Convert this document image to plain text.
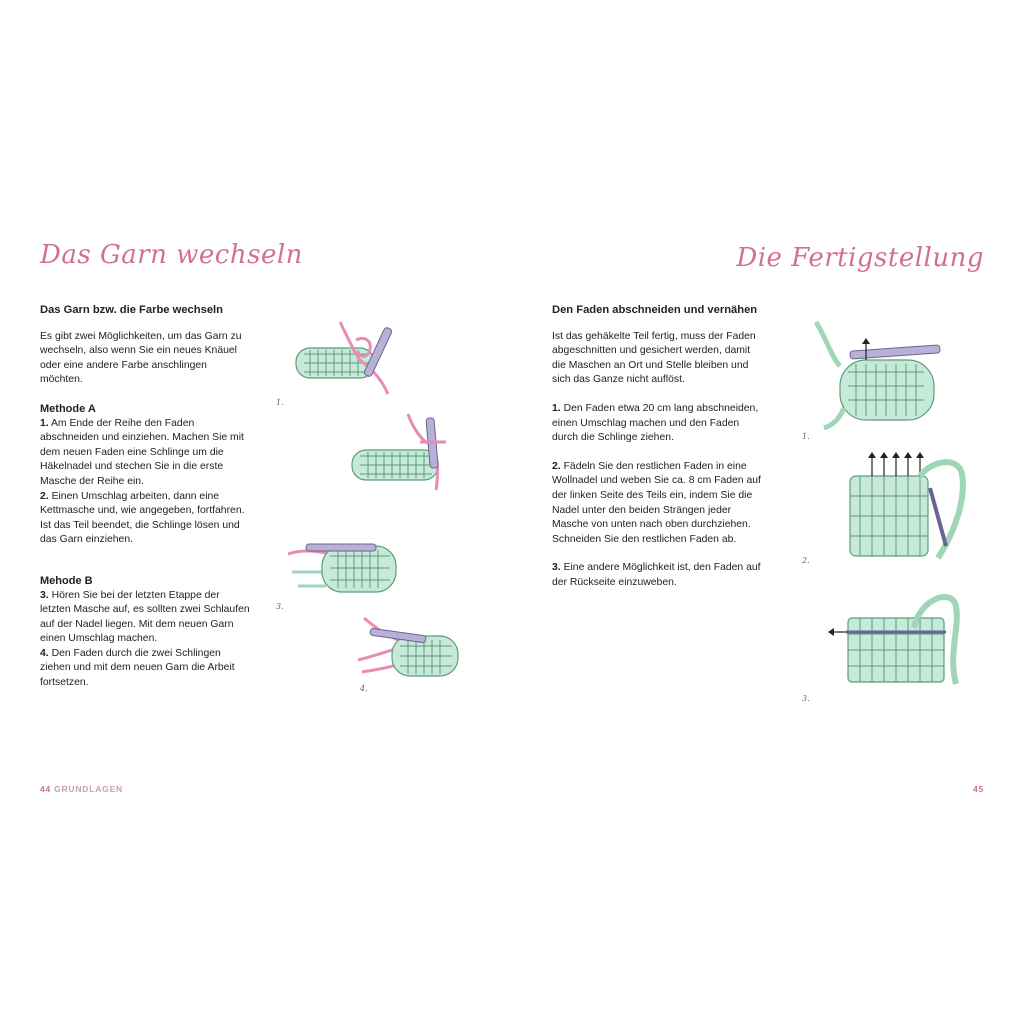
Das Garn wechseln

Das Garn bzw. die Farbe wechseln

Es gibt zwei Möglichkeiten, um das Garn zu wechseln, also wenn Sie ein neues Knäuel oder eine andere Farbe anschlingen möchten.

Methode A

1. Am Ende der Reihe den Faden abschneiden und einziehen. Machen Sie mit dem neuen Faden eine Schlinge um die Häkelnadel und stechen Sie in die erste Masche der Reihe ein.

2. Einen Umschlag arbeiten, dann eine Kettmasche und, wie angegeben, fortfahren. Ist das Teil beendet, die Schlinge lösen und das Garn einziehen.

Mehode B

3. Hören Sie bei der letzten Etappe der letzten Masche auf, es sollten zwei Schlaufen auf der Nadel liegen. Mit dem neuen Garn einen Umschlag machen.

4. Den Faden durch die zwei Schlingen ziehen und mit dem neuen Garn die Arbeit fortsetzen.

1.
3.
4.
44 GRUNDLAGEN
Die Fertigstellung

Den Faden abschneiden und vernähen

Ist das gehäkelte Teil fertig, muss der Faden abgeschnitten und gesichert werden, damit die Maschen an Ort und Stelle bleiben und sich das Ganze nicht auflöst.

1. Den Faden etwa 20 cm lang abschneiden, einen Umschlag machen und den Faden durch die Schlinge ziehen.

2. Fädeln Sie den restlichen Faden in eine Wollnadel und weben Sie ca. 8 cm Faden auf der linken Seite des Teils ein, indem Sie die Nadel unter den beiden Strängen jeder Masche von unten nach oben durchziehen. Schneiden Sie den restlichen Faden ab.

3. Eine andere Möglichkeit ist, den Faden auf der Rückseite einzuweben.

1.
2.
3.
45
